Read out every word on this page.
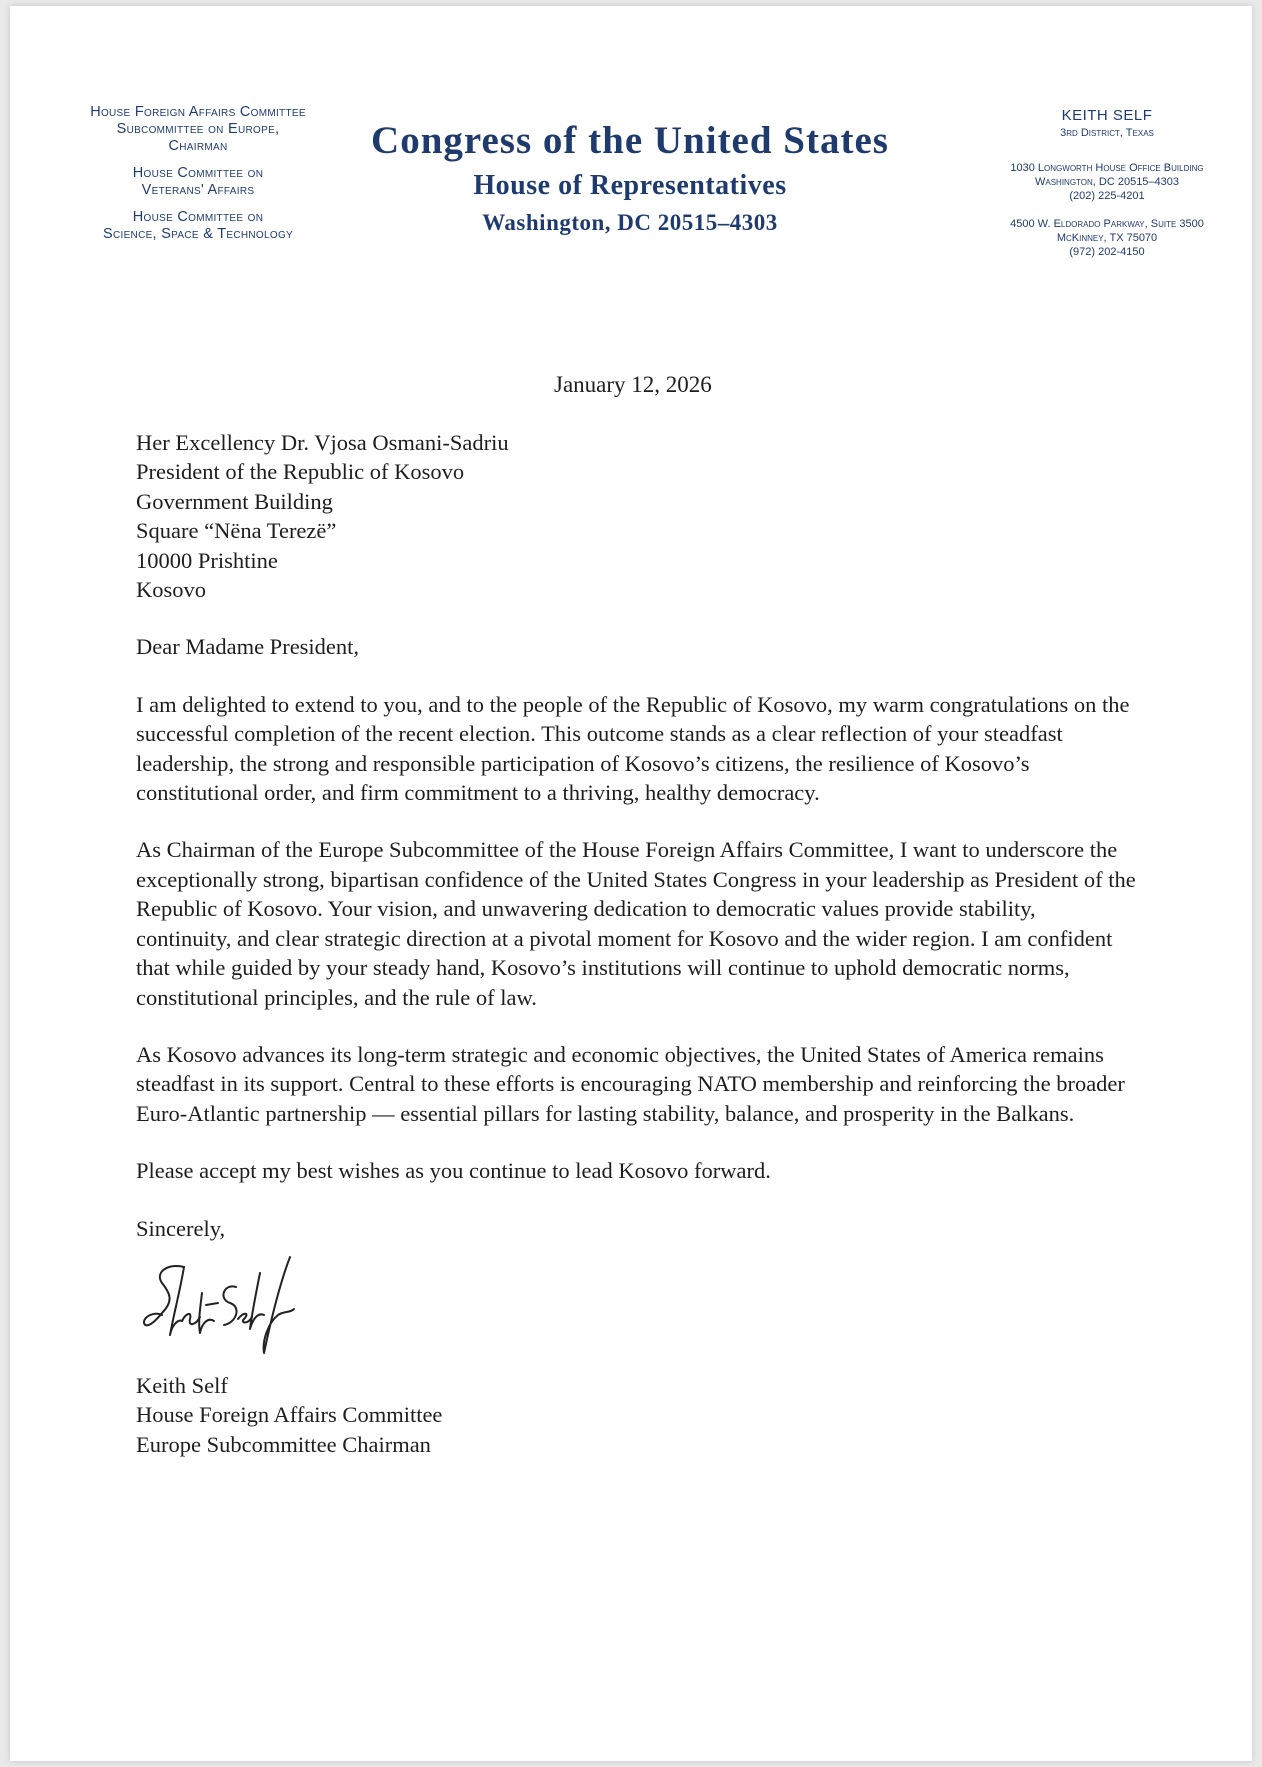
House Foreign Affairs Committee
Subcommittee on Europe,
Chairman
House Committee on
Veterans' Affairs
House Committee on
Science, Space & Technology
Congress of the United States
House of Representatives
Washington, DC 20515–4303
KEITH SELF
3rd District, Texas
1030 Longworth House Office Building
Washington, DC 20515–4303
(202) 225-4201
4500 W. Eldorado Parkway, Suite 3500
McKinney, TX 75070
(972) 202-4150
January 12, 2026
Her Excellency Dr. Vjosa Osmani-Sadriu
President of the Republic of Kosovo
Government Building
Square “Nëna Terezë”
10000 Prishtine
Kosovo
Dear Madame President,
I am delighted to extend to you, and to the people of the Republic of Kosovo, my warm congratulations on the successful completion of the recent election. This outcome stands as a clear reflection of your steadfast leadership, the strong and responsible participation of Kosovo’s citizens, the resilience of Kosovo’s constitutional order, and firm commitment to a thriving, healthy democracy.
As Chairman of the Europe Subcommittee of the House Foreign Affairs Committee, I want to underscore the exceptionally strong, bipartisan confidence of the United States Congress in your leadership as President of the Republic of Kosovo. Your vision, and unwavering dedication to democratic values provide stability, continuity, and clear strategic direction at a pivotal moment for Kosovo and the wider region. I am confident that while guided by your steady hand, Kosovo’s institutions will continue to uphold democratic norms, constitutional principles, and the rule of law.
As Kosovo advances its long-term strategic and economic objectives, the United States of America remains steadfast in its support. Central to these efforts is encouraging NATO membership and reinforcing the broader Euro-Atlantic partnership — essential pillars for lasting stability, balance, and prosperity in the Balkans.
Please accept my best wishes as you continue to lead Kosovo forward.
Sincerely,
Keith Self
House Foreign Affairs Committee
Europe Subcommittee Chairman
